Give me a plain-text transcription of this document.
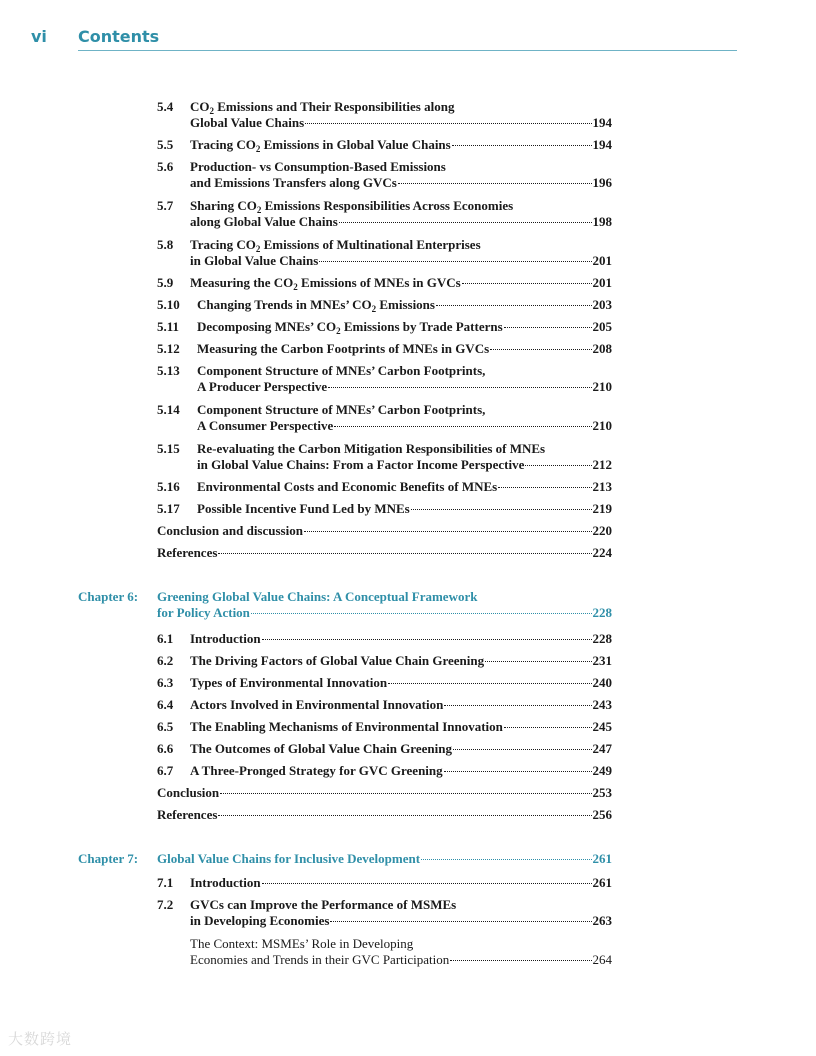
vi Contents
5.4 $CO_2$ Emissions and Their Responsibilities along
Global Value Chains	194
5.5 Tracing $CO_2$ Emissions in Global Value Chains	194
5.6 Production- vs Consumption-Based Emissions
and Emissions Transfers along GVCs	196
5.7 Sharing $CO_2$ Emissions Responsibilities Across Economies
along Global Value Chains	198
5.8 Tracing $CO_2$ Emissions of Multinational Enterprises
in Global Value Chains	201
5.9 Measuring the $CO_2$ Emissions of MNEs in GVCs	201
5.10 Changing Trends in MNEs’ $CO_2$ Emissions	203
5.11 Decomposing MNEs’ $CO_2$ Emissions by Trade Patterns	205
5.12 Measuring the Carbon Footprints of MNEs in GVCs	208
5.13 Component Structure of MNEs’ Carbon Footprints,
A Producer Perspective	210
5.14 Component Structure of MNEs’ Carbon Footprints,
A Consumer Perspective	210
5.15 Re-evaluating the Carbon Mitigation Responsibilities of MNEs
in Global Value Chains: From a Factor Income Perspective	212
5.16 Environmental Costs and Economic Benefits of MNEs	213
5.17 Possible Incentive Fund Led by MNEs	219
Conclusion and discussion	220
References	224
Chapter 6: Greening Global Value Chains: A Conceptual Framework
for Policy Action	228
6.1 Introduction	228
6.2 The Driving Factors of Global Value Chain Greening	231
6.3 Types of Environmental Innovation	240
6.4 Actors Involved in Environmental Innovation	243
6.5 The Enabling Mechanisms of Environmental Innovation	245
6.6 The Outcomes of Global Value Chain Greening	247
6.7 A Three-Pronged Strategy for GVC Greening	249
Conclusion	253
References	256
Chapter 7: Global Value Chains for Inclusive Development	261
7.1 Introduction	261
7.2 GVCs can Improve the Performance of MSMEs
in Developing Economies	263
The Context: MSMEs’ Role in Developing
Economies and Trends in their GVC Participation	264
大数跨境
